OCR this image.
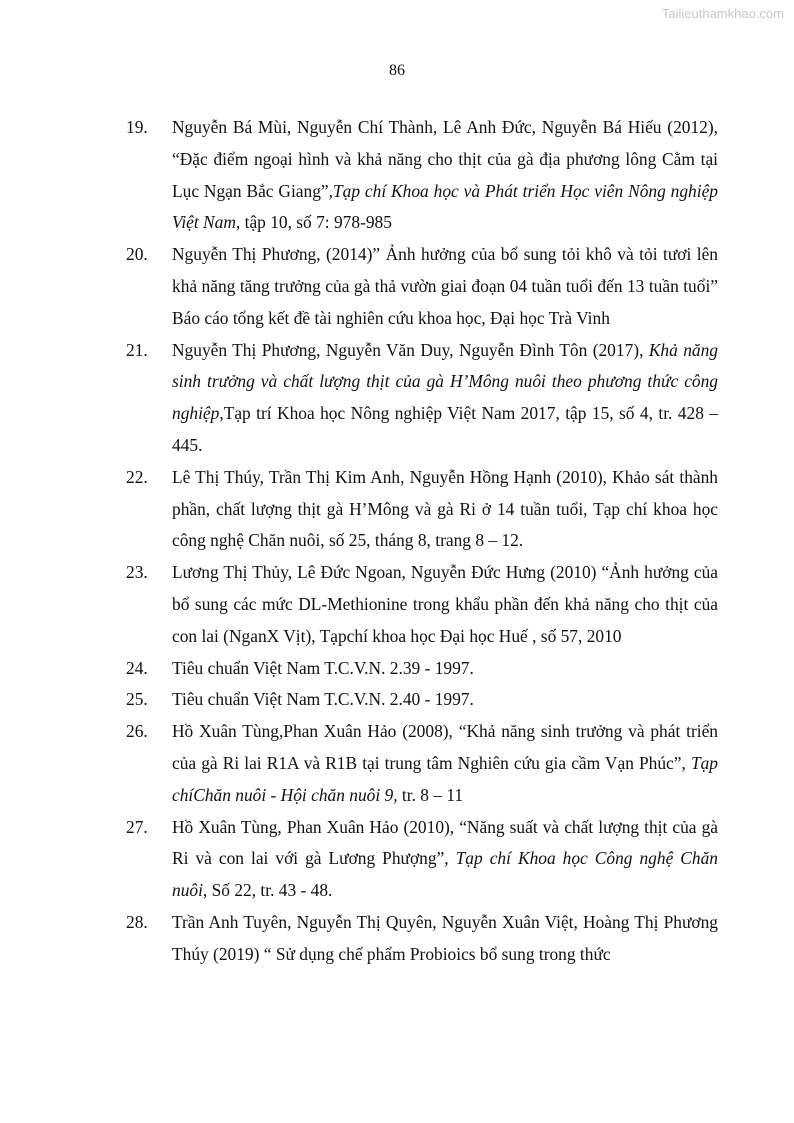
Tailieuthamkhao.com
86
19.	Nguyễn Bá Mùi, Nguyễn Chí Thành, Lê Anh Đức, Nguyễn Bá Hiếu (2012), “Đặc điểm ngoại hình và khả năng cho thịt của gà địa phương lông Cằm tại Lục Ngạn Bắc Giang”,Tạp chí Khoa học và Phát triển Học viên Nông nghiệp Việt Nam, tập 10, số 7: 978-985
20.	Nguyễn Thị Phương, (2014)” Ảnh hưởng của bổ sung tỏi khô và tỏi tươi lên khả năng tăng trưởng của gà thả vườn giai đoạn 04 tuần tuổi đến 13 tuần tuổi” Báo cáo tổng kết đề tài nghiên cứu khoa học, Đại học Trà Vinh
21.	Nguyễn Thị Phương, Nguyễn Văn Duy, Nguyễn Đình Tôn (2017), Khả năng sinh trưởng và chất lượng thịt của gà H’Mông nuôi theo phương thức công nghiệp,Tạp trí Khoa học Nông nghiệp Việt Nam 2017, tập 15, số 4, tr. 428 – 445.
22.	Lê Thị Thúy, Trần Thị Kim Anh, Nguyễn Hồng Hạnh (2010), Khảo sát thành phần, chất lượng thịt gà H’Mông và gà Ri ở 14 tuần tuổi, Tạp chí khoa học công nghệ Chăn nuôi, số 25, tháng 8, trang 8 – 12.
23.	Lương Thị Thủy, Lê Đức Ngoan, Nguyễn Đức Hưng (2010) “Ảnh hưởng của bổ sung các mức DL-Methionine trong khẩu phần đến khả năng cho thịt của con lai (NganX Vịt), Tạpchí khoa học Đại học Huế , số 57, 2010
24.	Tiêu chuẩn Việt Nam T.C.V.N. 2.39 - 1997.
25.	Tiêu chuẩn Việt Nam T.C.V.N. 2.40 - 1997.
26.	Hồ Xuân Tùng,Phan Xuân Hảo (2008), “Khả năng sinh trưởng và phát triển của gà Ri lai R1A và R1B tại trung tâm Nghiên cứu gia cầm Vạn Phúc”, Tạp chíChăn nuôi - Hội chăn nuôi 9, tr. 8 – 11
27.	Hồ Xuân Tùng, Phan Xuân Hảo (2010), “Năng suất và chất lượng thịt của gà Ri và con lai với gà Lương Phượng”, Tạp chí Khoa học Công nghệ Chăn nuôi, Số 22, tr. 43 - 48.
28.	Trần Anh Tuyên, Nguyễn Thị Quyên, Nguyễn Xuân Việt, Hoàng Thị Phương Thúy (2019) “ Sử dụng chế phẩm Probioics bổ sung trong thức
